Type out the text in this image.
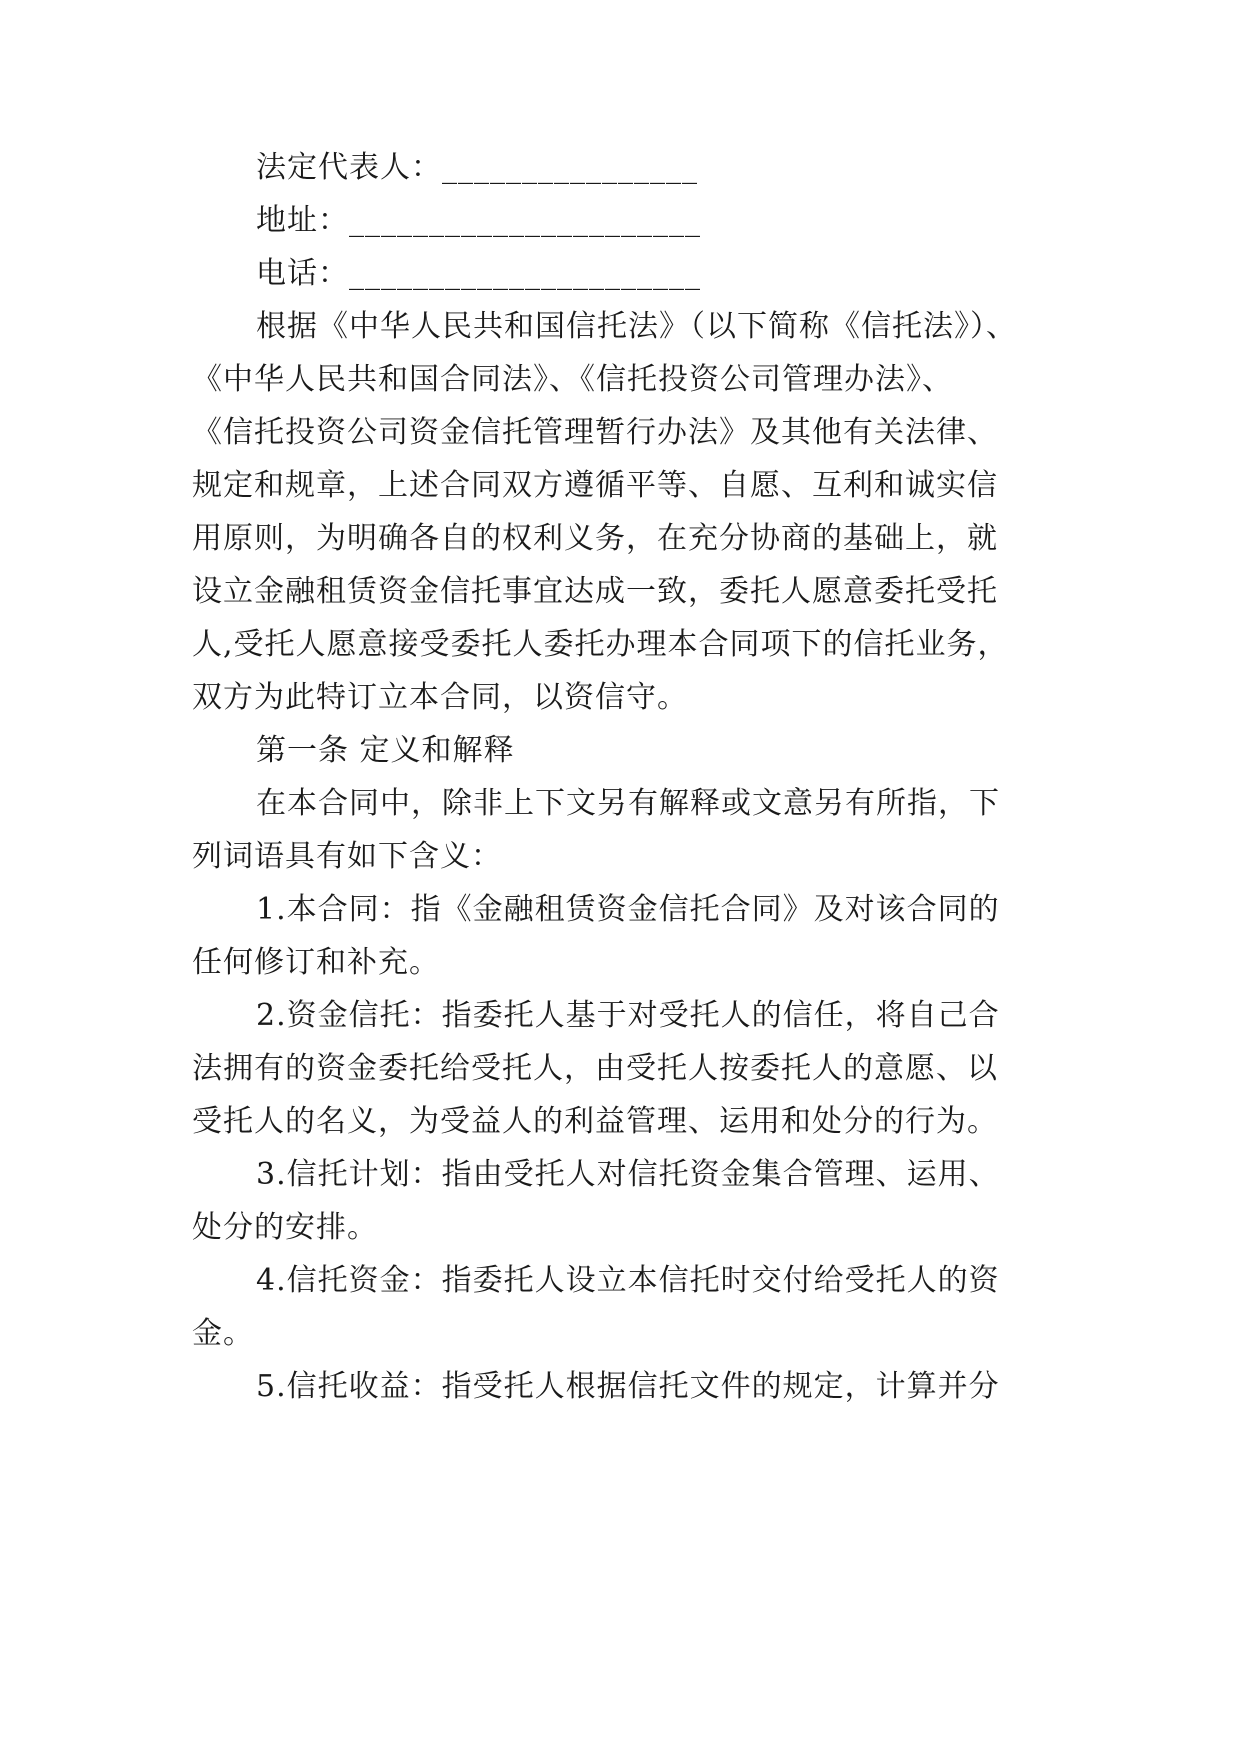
法定代表人：________________
地址：______________________
电话：______________________
根据《中华人民共和国信托法》（以下简称《信托法》）、
《中华人民共和国合同法》、《信托投资公司管理办法》、
《信托投资公司资金信托管理暂行办法》及其他有关法律、
规定和规章，上述合同双方遵循平等、自愿、互利和诚实信
用原则，为明确各自的权利义务，在充分协商的基础上，就
设立金融租赁资金信托事宜达成一致，委托人愿意委托受托
人,受托人愿意接受委托人委托办理本合同项下的信托业务，
双方为此特订立本合同，以资信守。
第一条 定义和解释
在本合同中，除非上下文另有解释或文意另有所指，下
列词语具有如下含义：
1.本合同：指《金融租赁资金信托合同》及对该合同的
任何修订和补充。
2.资金信托：指委托人基于对受托人的信任，将自己合
法拥有的资金委托给受托人，由受托人按委托人的意愿、以
受托人的名义，为受益人的利益管理、运用和处分的行为。
3.信托计划：指由受托人对信托资金集合管理、运用、
处分的安排。
4.信托资金：指委托人设立本信托时交付给受托人的资
金。
5.信托收益：指受托人根据信托文件的规定，计算并分
